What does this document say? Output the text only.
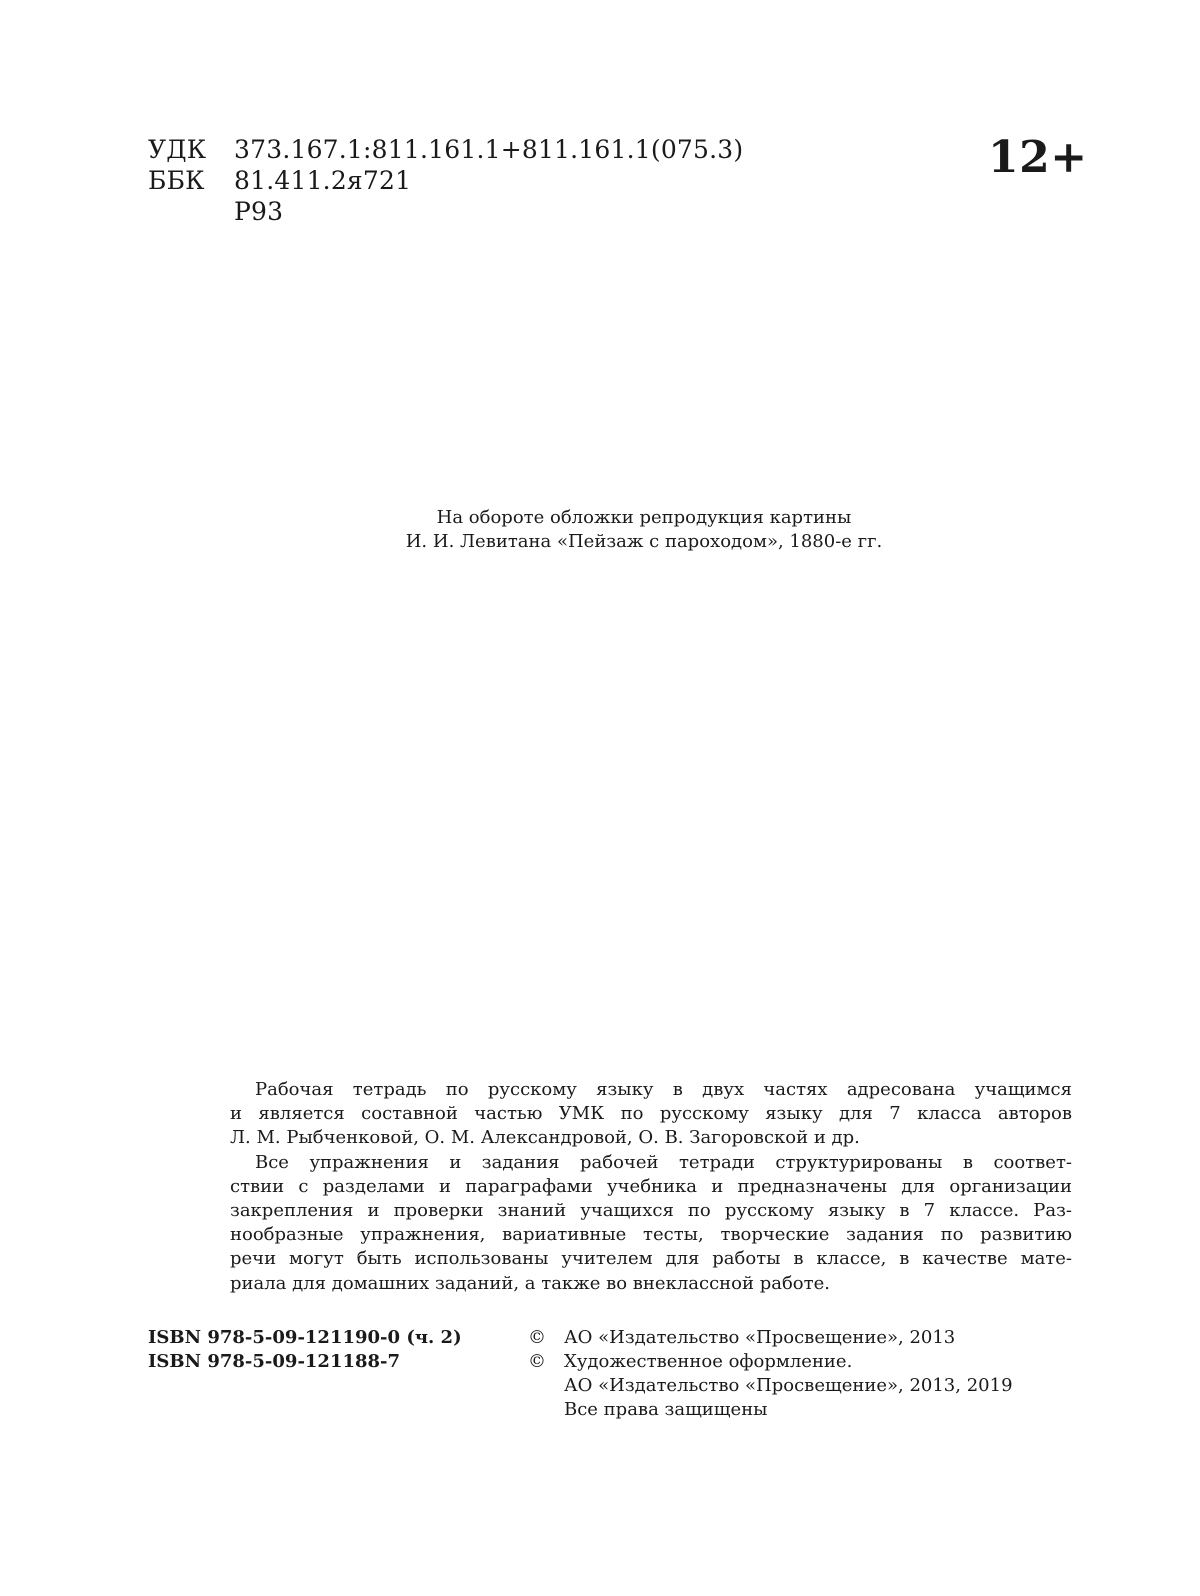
УДК	373.167.1:811.161.1+811.161.1(075.3)
ББК	81.411.2я721
Р93
12+
На обороте обложки репродукция картины
И. И. Левитана «Пейзаж с пароходом», 1880-е гг.
Рабочая тетрадь по русскому языку в двух частях адресована учащимся
и является составной частью УМК по русскому языку для 7 класса авторов
Л. М. Рыбченковой, О. М. Александровой, О. В. Загоровской и др.
Все упражнения и задания рабочей тетради структурированы в соответ-
ствии с разделами и параграфами учебника и предназначены для организации
закрепления и проверки знаний учащихся по русскому языку в 7 классе. Раз-
нообразные упражнения, вариативные тесты, творческие задания по развитию
речи могут быть использованы учителем для работы в классе, в качестве мате-
риала для домашних заданий, а также во внеклассной работе.
ISBN 978-5-09-121190-0 (ч. 2)
ISBN 978-5-09-121188-7
©	АО «Издательство «Просвещение», 2013
©	Художественное оформление.
АО «Издательство «Просвещение», 2013, 2019
Все права защищены
